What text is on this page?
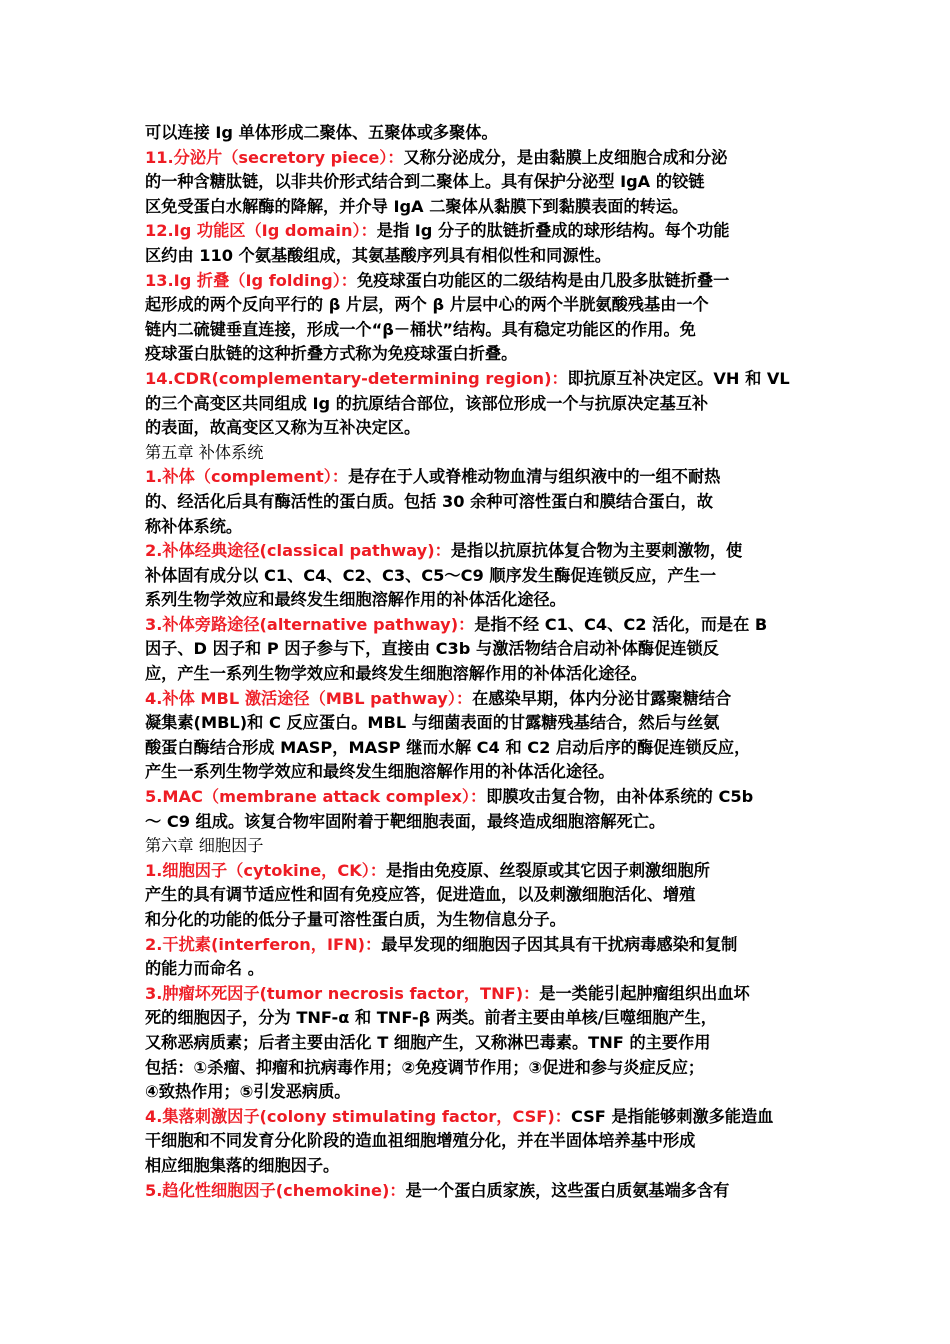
可以连接 Ig 单体形成二聚体、五聚体或多聚体。
11.分泌片（secretory piece）：又称分泌成分，是由黏膜上皮细胞合成和分泌
的一种含糖肽链，以非共价形式结合到二聚体上。具有保护分泌型 IgA 的铰链
区免受蛋白水解酶的降解，并介导 IgA 二聚体从黏膜下到黏膜表面的转运。
12.Ig 功能区（Ig domain）：是指 Ig 分子的肽链折叠成的球形结构。每个功能
区约由 110 个氨基酸组成，其氨基酸序列具有相似性和同源性。
13.Ig 折叠（Ig folding）：免疫球蛋白功能区的二级结构是由几股多肽链折叠一
起形成的两个反向平行的 β 片层，两个 β 片层中心的两个半胱氨酸残基由一个
链内二硫键垂直连接，形成一个“β－桶状”结构。具有稳定功能区的作用。免
疫球蛋白肽链的这种折叠方式称为免疫球蛋白折叠。
14.CDR(complementary-determining region)：即抗原互补决定区。VH 和 VL
的三个高变区共同组成 Ig 的抗原结合部位，该部位形成一个与抗原决定基互补
的表面，故高变区又称为互补决定区。
第五章 补体系统
1.补体（complement）：是存在于人或脊椎动物血清与组织液中的一组不耐热
的、经活化后具有酶活性的蛋白质。包括 30 余种可溶性蛋白和膜结合蛋白，故
称补体系统。
2.补体经典途径(classical pathway)：是指以抗原抗体复合物为主要刺激物，使
补体固有成分以 C1、C4、C2、C3、C5～C9 顺序发生酶促连锁反应，产生一
系列生物学效应和最终发生细胞溶解作用的补体活化途径。
3.补体旁路途径(alternative pathway)：是指不经 C1、C4、C2 活化，而是在 B
因子、D 因子和 P 因子参与下，直接由 C3b 与激活物结合启动补体酶促连锁反
应，产生一系列生物学效应和最终发生细胞溶解作用的补体活化途径。
4.补体 MBL 激活途径（MBL pathway）：在感染早期，体内分泌甘露聚糖结合
凝集素(MBL)和 C 反应蛋白。MBL 与细菌表面的甘露糖残基结合，然后与丝氨
酸蛋白酶结合形成 MASP，MASP 继而水解 C4 和 C2 启动后序的酶促连锁反应，
产生一系列生物学效应和最终发生细胞溶解作用的补体活化途径。
5.MAC（membrane attack complex）：即膜攻击复合物，由补体系统的 C5b
～ C9 组成。该复合物牢固附着于靶细胞表面，最终造成细胞溶解死亡。
第六章 细胞因子
1.细胞因子（cytokine，CK）：是指由免疫原、丝裂原或其它因子刺激细胞所
产生的具有调节适应性和固有免疫应答，促进造血，以及刺激细胞活化、增殖
和分化的功能的低分子量可溶性蛋白质，为生物信息分子。
2.干扰素(interferon，IFN)：最早发现的细胞因子因其具有干扰病毒感染和复制
的能力而命名 。
3.肿瘤坏死因子(tumor necrosis factor，TNF)：是一类能引起肿瘤组织出血坏
死的细胞因子，分为 TNF-α 和 TNF-β 两类。前者主要由单核/巨噬细胞产生，
又称恶病质素；后者主要由活化 T 细胞产生，又称淋巴毒素。TNF 的主要作用
包括：①杀瘤、抑瘤和抗病毒作用；②免疫调节作用；③促进和参与炎症反应；
④致热作用；⑤引发恶病质。
4.集落刺激因子(colony stimulating factor，CSF)：CSF 是指能够刺激多能造血
干细胞和不同发育分化阶段的造血祖细胞增殖分化，并在半固体培养基中形成
相应细胞集落的细胞因子。
5.趋化性细胞因子(chemokine)：是一个蛋白质家族，这些蛋白质氨基端多含有
